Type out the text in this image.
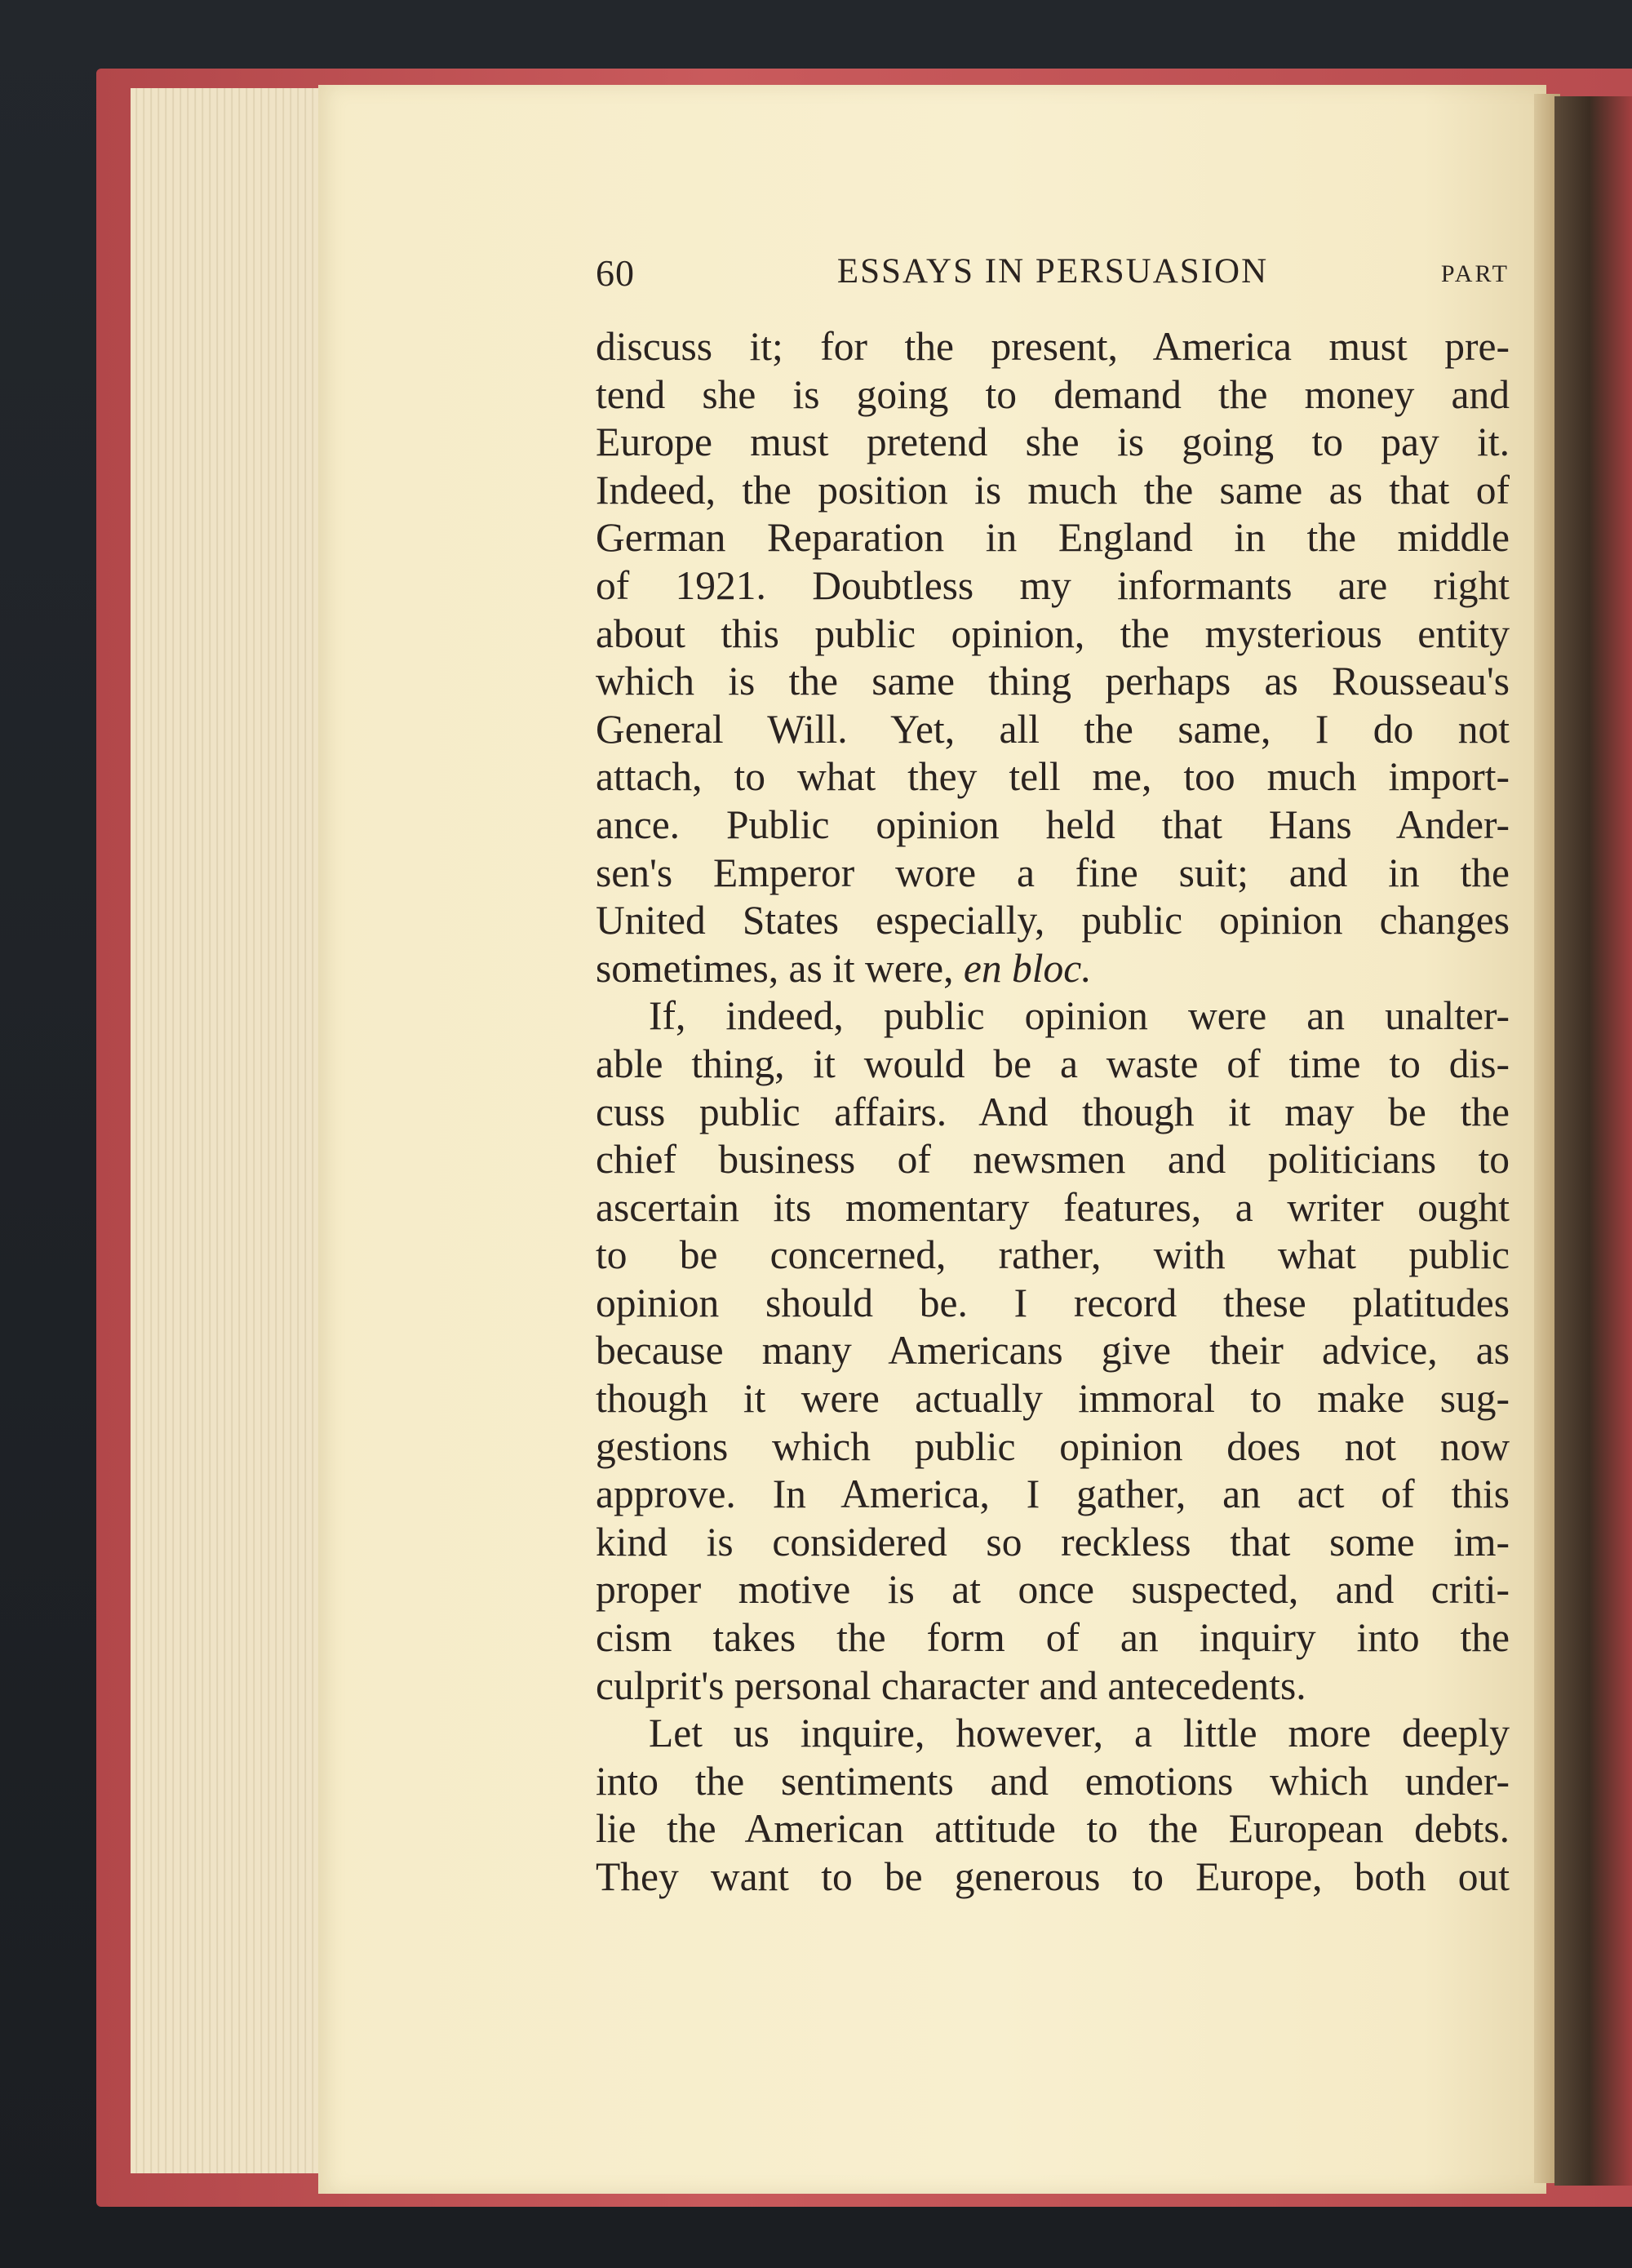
60	ESSAYS IN PERSUASION	PART
discuss it; for the present, America must pre-
tend she is going to demand the money and
Europe must pretend she is going to pay it.
Indeed, the position is much the same as that of
German Reparation in England in the middle
of 1921. Doubtless my informants are right
about this public opinion, the mysterious entity
which is the same thing perhaps as Rousseau's
General Will. Yet, all the same, I do not
attach, to what they tell me, too much import-
ance. Public opinion held that Hans Ander-
sen's Emperor wore a fine suit; and in the
United States especially, public opinion changes
sometimes, as it were, en bloc.
If, indeed, public opinion were an unalter-
able thing, it would be a waste of time to dis-
cuss public affairs. And though it may be the
chief business of newsmen and politicians to
ascertain its momentary features, a writer ought
to be concerned, rather, with what public
opinion should be. I record these platitudes
because many Americans give their advice, as
though it were actually immoral to make sug-
gestions which public opinion does not now
approve. In America, I gather, an act of this
kind is considered so reckless that some im-
proper motive is at once suspected, and criti-
cism takes the form of an inquiry into the
culprit's personal character and antecedents.
Let us inquire, however, a little more deeply
into the sentiments and emotions which under-
lie the American attitude to the European debts.
They want to be generous to Europe, both out
